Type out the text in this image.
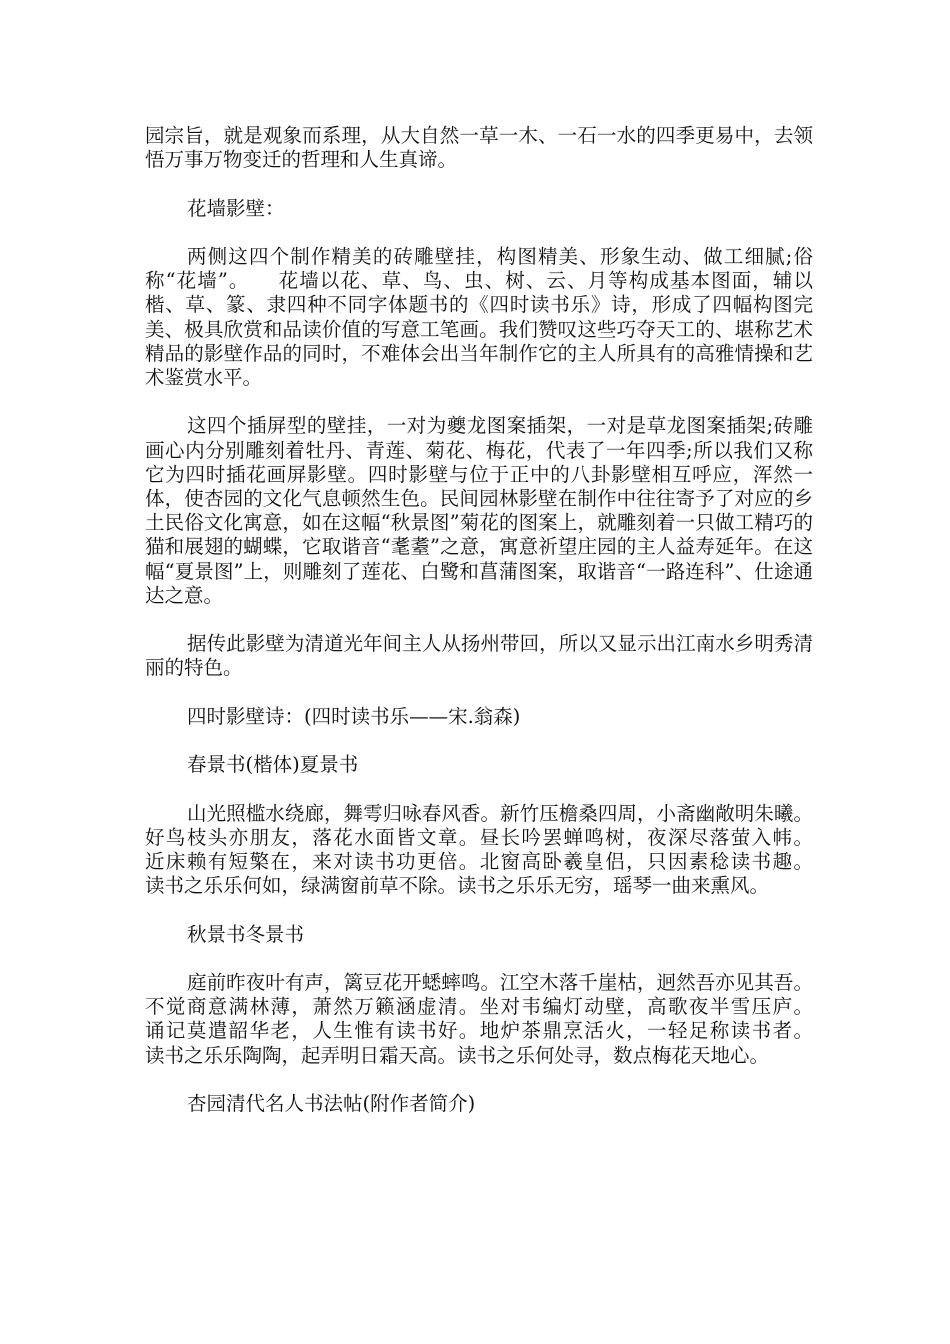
园宗旨，就是观象而系理，从大自然一草一木、一石一水的四季更易中，去领悟万事万物变迁的哲理和人生真谛。

花墙影壁：

两侧这四个制作精美的砖雕壁挂，构图精美、形象生动、做工细腻;俗称“花墙”。    花墙以花、草、鸟、虫、树、云、月等构成基本图面，辅以楷、草、篆、隶四种不同字体题书的《四时读书乐》诗，形成了四幅构图完美、极具欣赏和品读价值的写意工笔画。我们赞叹这些巧夺天工的、堪称艺术精品的影壁作品的同时，不难体会出当年制作它的主人所具有的高雅情操和艺术鉴赏水平。

这四个插屏型的壁挂，一对为夔龙图案插架，一对是草龙图案插架;砖雕画心内分别雕刻着牡丹、青莲、菊花、梅花，代表了一年四季;所以我们又称它为四时插花画屏影壁。四时影壁与位于正中的八卦影壁相互呼应，浑然一体，使杏园的文化气息顿然生色。民间园林影壁在制作中往往寄予了对应的乡土民俗文化寓意，如在这幅“秋景图”菊花的图案上，就雕刻着一只做工精巧的猫和展翅的蝴蝶，它取谐音“耄耋”之意，寓意祈望庄园的主人益寿延年。在这幅“夏景图”上，则雕刻了莲花、白鹭和菖蒲图案，取谐音“一路连科”、仕途通达之意。

据传此影壁为清道光年间主人从扬州带回，所以又显示出江南水乡明秀清丽的特色。

四时影壁诗：(四时读书乐——宋.翁森)

春景书(楷体)夏景书

山光照槛水绕廊，舞雩归咏春风香。新竹压檐桑四周，小斋幽敞明朱曦。    好鸟枝头亦朋友，落花水面皆文章。昼长吟罢蝉鸣树，夜深尽落萤入帏。    近床赖有短檠在，来对读书功更倍。北窗高卧羲皇侣，只因素稔读书趣。    读书之乐乐何如，绿满窗前草不除。读书之乐乐无穷，瑶琴一曲来熏风。

秋景书冬景书

庭前昨夜叶有声，篱豆花开蟋蟀鸣。江空木落千崖枯，迥然吾亦见其吾。    不觉商意满林薄，萧然万籁涵虚清。坐对韦编灯动壁，高歌夜半雪压庐。    诵记莫遣韶华老，人生惟有读书好。地炉茶鼎烹活火，一轻足称读书者。    读书之乐乐陶陶，起弄明日霜天高。读书之乐何处寻，数点梅花天地心。

杏园清代名人书法帖(附作者简介)
